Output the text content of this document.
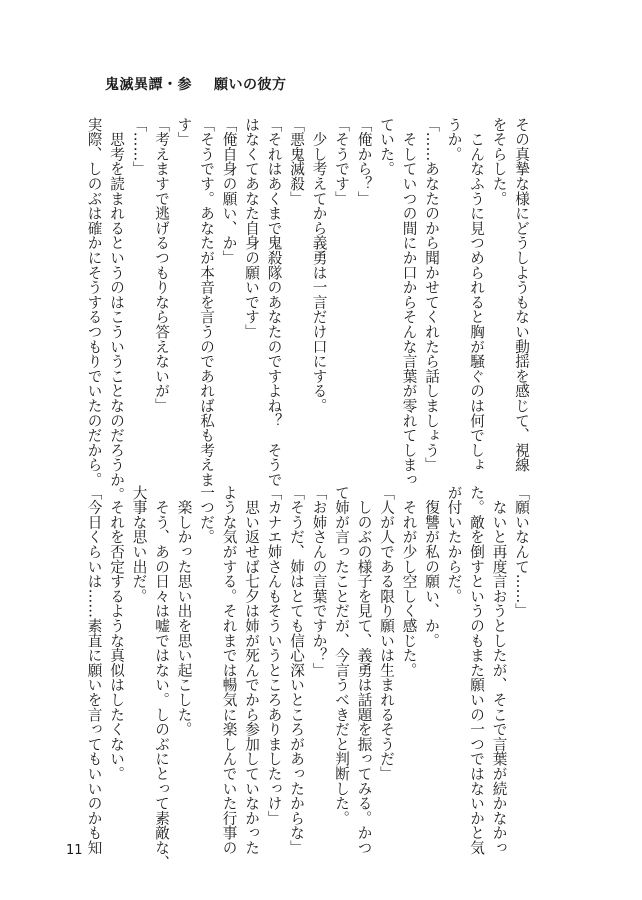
鬼滅異譚・参 願いの彼方
その真摯な様にどうしようもない動揺を感じて、視線
をそらした。
　こんなふうに見つめられると胸が騒ぐのは何でしょ
うか。
「……あなたのから聞かせてくれたら話しましょう」
　そしていつの間にか口からそんな言葉が零れてしまっ
ていた。
「俺から？」
「そうです」
　少し考えてから義勇は一言だけ口にする。
「悪鬼滅殺」
「それはあくまで鬼殺隊のあなたのですよね？　そうで
はなくてあなた自身の願いです」
「俺自身の願い、か」
「そうです。あなたが本音を言うのであれば私も考えま
す」
「考えますで逃げるつもりなら答えないが」
「……」
　思考を読まれるというのはこういうことなのだろうか。
実際、しのぶは確かにそうするつもりでいたのだから。
「願いなんて……」
　ないと再度言おうとしたが、そこで言葉が続かなかっ
た。敵を倒すというのもまた願いの一つではないかと気
が付いたからだ。
　復讐が私の願い、か。
　それが少し空しく感じた。
「人が人である限り願いは生まれるそうだ」
　しのぶの様子を見て、義勇は話題を振ってみる。かつ
て姉が言ったことだが、今言うべきだと判断した。
「お姉さんの言葉ですか？」
「そうだ、姉はとても信心深いところがあったからな」
「カナエ姉さんもそういうところありましたっけ」
　思い返せば七夕は姉が死んでから参加していなかった
ような気がする。それまでは暢気に楽しんでいた行事の
一つだ。
　楽しかった思い出を思い起こした。
　そう、あの日々は嘘ではない。しのぶにとって素敵な、
大事な思い出だ。
　それを否定するような真似はしたくない。
「今日くらいは……素直に願いを言ってもいいのかも知
11
